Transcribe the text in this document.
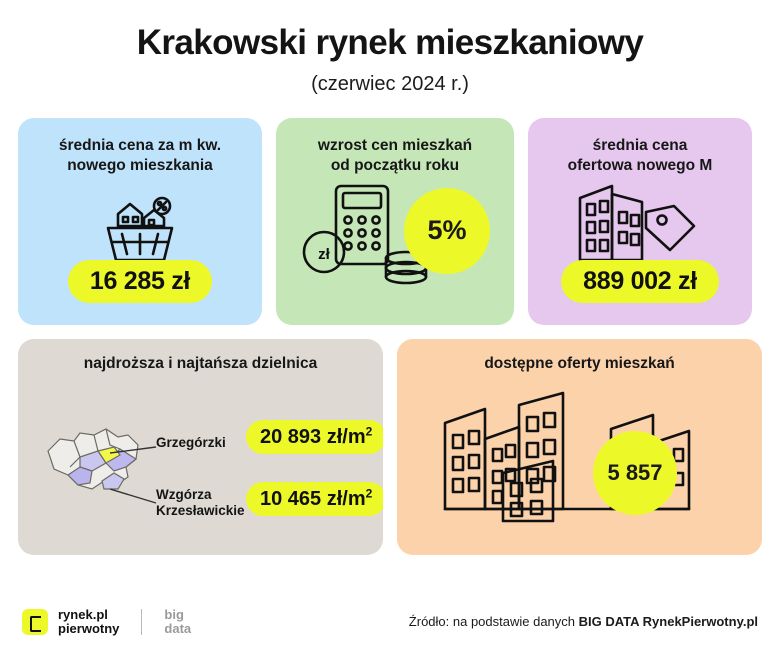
Krakowski rynek mieszkaniowy

(czerwiec 2024 r.)

średnia cena za m kw.
nowego mieszkania
16 285 zł
wzrost cen mieszkań
od początku roku
zł
5%
średnia cena
ofertowa nowego M
889 002 zł
najdroższa i najtańsza dzielnica
Grzegórzki	20 893 $zł/m^2$
Wzgórza
Krzesławickie
10 465 $zł/m^2$
dostępne oferty mieszkań
5 857
rynek.pl
pierwotny
big
data	Źródło: na podstawie danych BIG DATA RynekPierwotny.pl
